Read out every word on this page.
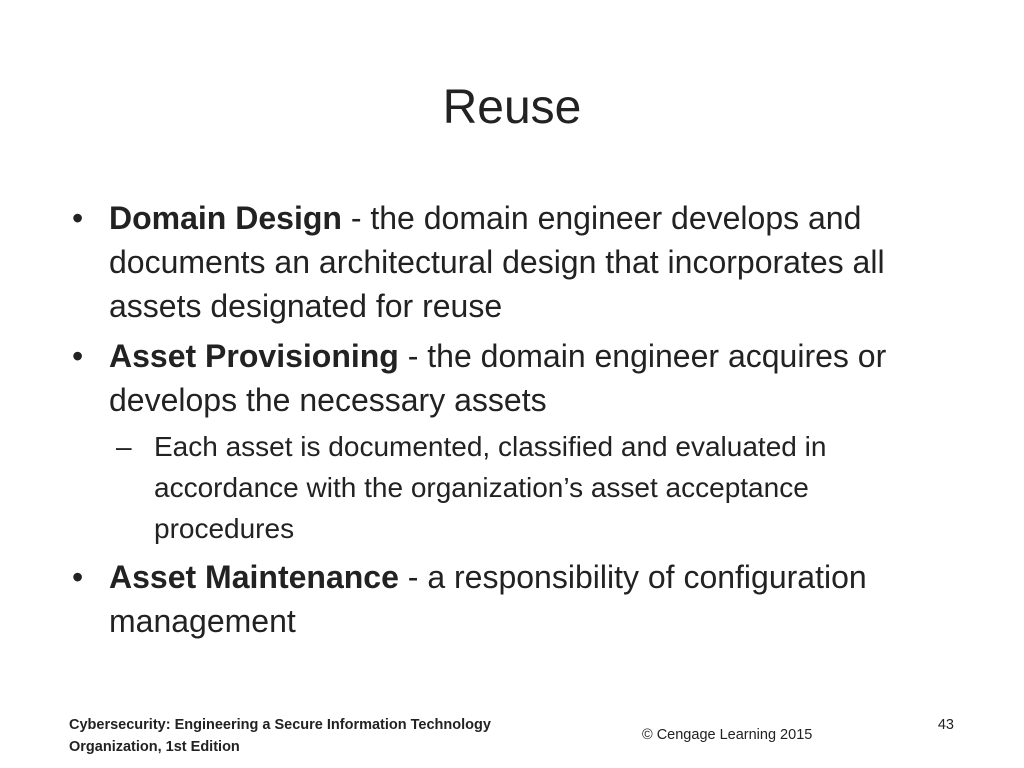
Reuse
• Domain Design - the domain engineer develops and documents an architectural design that incorporates all assets designated for reuse
• Asset Provisioning - the domain engineer acquires or develops the necessary assets
– Each asset is documented, classified and evaluated in accordance with the organization’s asset acceptance procedures
• Asset Maintenance - a responsibility of configuration management
Cybersecurity: Engineering a Secure Information Technology
Organization, 1st Edition
© Cengage Learning 2015
43
